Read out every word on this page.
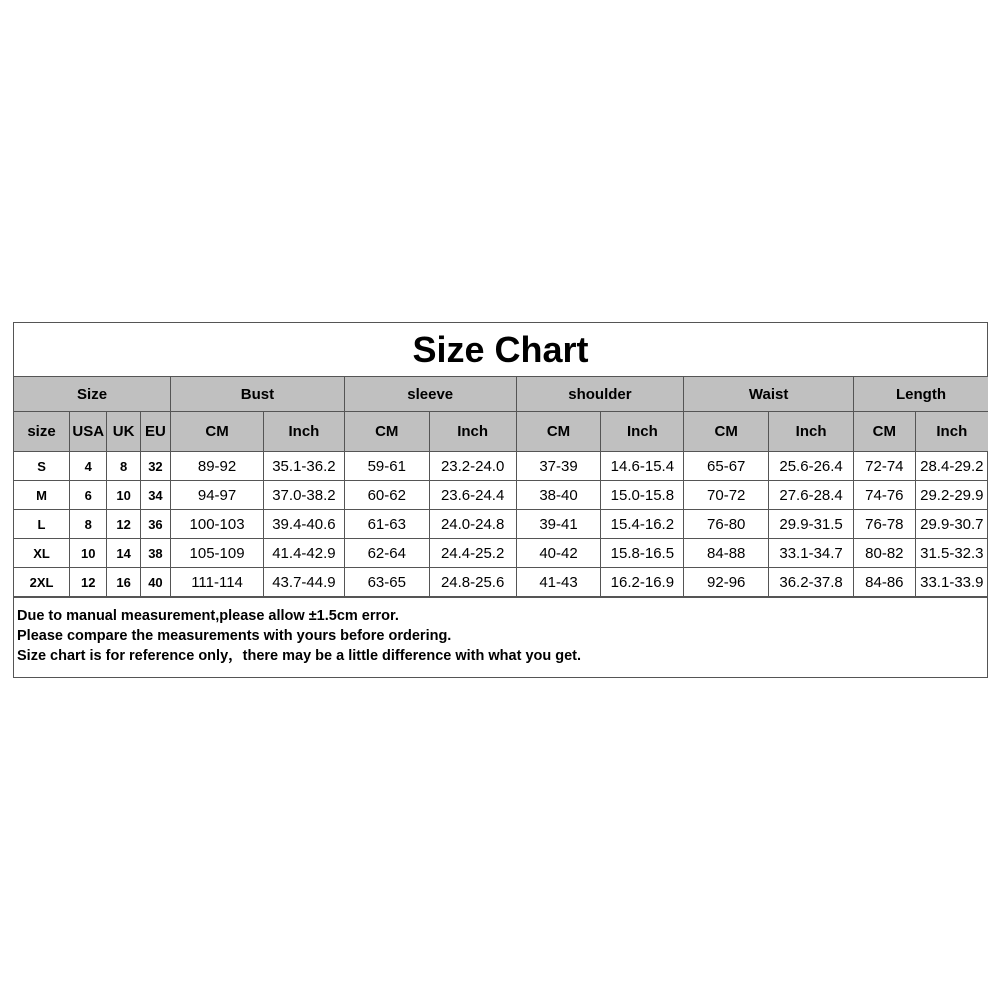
Size Chart
Size				Bust		sleeve		shoulder		Waist		Length	
size	USA	UK	EU	CM	Inch	CM	Inch	CM	Inch	CM	Inch	CM	Inch
S	4	8	32	89-92	35.1-36.2	59-61	23.2-24.0	37-39	14.6-15.4	65-67	25.6-26.4	72-74	28.4-29.2
M	6	10	34	94-97	37.0-38.2	60-62	23.6-24.4	38-40	15.0-15.8	70-72	27.6-28.4	74-76	29.2-29.9
L	8	12	36	100-103	39.4-40.6	61-63	24.0-24.8	39-41	15.4-16.2	76-80	29.9-31.5	76-78	29.9-30.7
XL	10	14	38	105-109	41.4-42.9	62-64	24.4-25.2	40-42	15.8-16.5	84-88	33.1-34.7	80-82	31.5-32.3
2XL	12	16	40	111-114	43.7-44.9	63-65	24.8-25.6	41-43	16.2-16.9	92-96	36.2-37.8	84-86	33.1-33.9
Due to manual measurement,please allow ±1.5cm error.
Please compare the measurements with yours before ordering.
Size chart is for reference only，there may be a little difference with what you get.
